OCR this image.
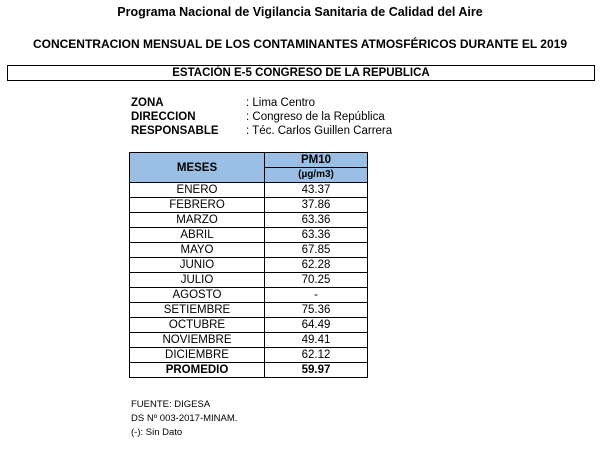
Programa Nacional de Vigilancia Sanitaria de Calidad del Aire
CONCENTRACION MENSUAL DE LOS CONTAMINANTES ATMOSFÉRICOS DURANTE EL 2019
ESTACIÓN E-5 CONGRESO DE LA REPUBLICA
ZONA	: Lima Centro
DIRECCION	: Congreso de la República
RESPONSABLE	: Téc. Carlos Guillen Carrera
MESES	PM10
	(µg/m3)
ENERO	43.37
FEBRERO	37.86
MARZO	63.36
ABRIL	63.36
MAYO	67.85
JUNIO	62.28
JULIO	70.25
AGOSTO	-
SETIEMBRE	75.36
OCTUBRE	64.49
NOVIEMBRE	49.41
DICIEMBRE	62.12
PROMEDIO	59.97
FUENTE: DIGESA
DS Nº 003-2017-MINAM.
(-): Sin Dato
